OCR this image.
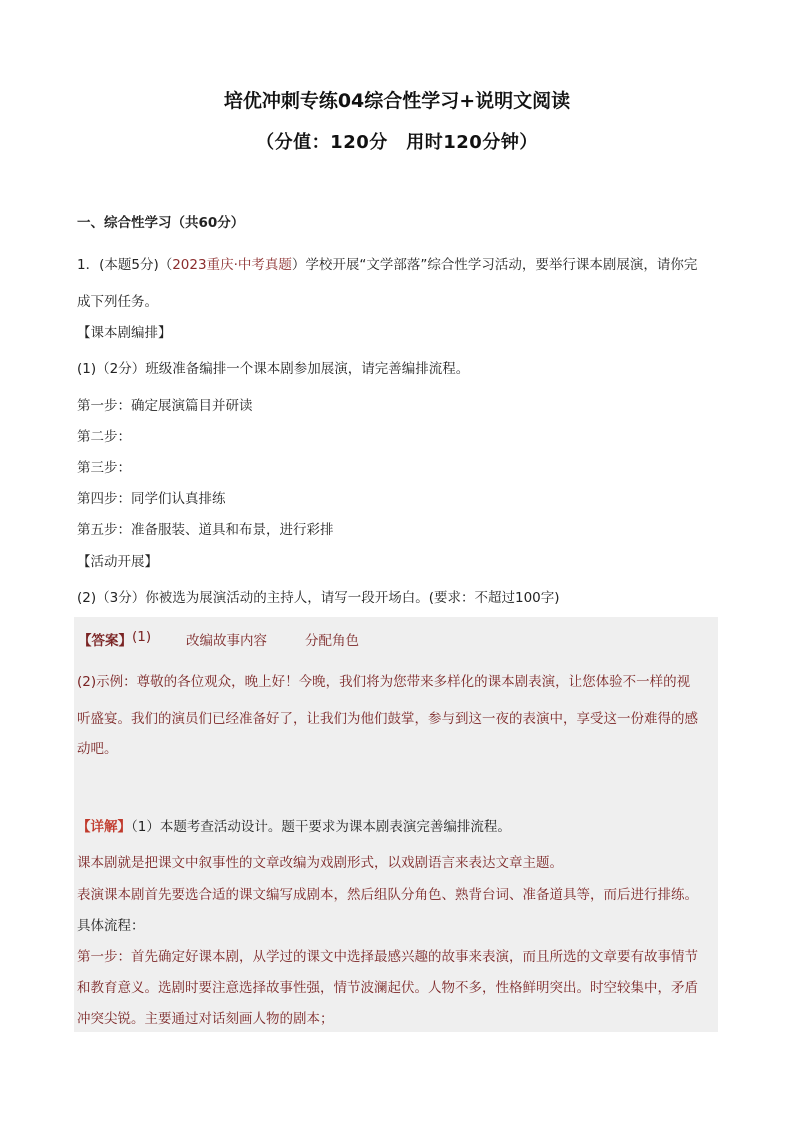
培优冲刺专练04综合性学习+说明文阅读
（分值：120分　用时120分钟）
一、综合性学习（共60分）
1．(本题5分)（2023重庆·中考真题）学校开展“文学部落”综合性学习活动，要举行课本剧展演，请你完
成下列任务。
【课本剧编排】
(1)（2分）班级准备编排一个课本剧参加展演，请完善编排流程。
第一步：确定展演篇目并研读
第二步：
第三步：
第四步：同学们认真排练
第五步：准备服装、道具和布景，进行彩排
【活动开展】
(2)（3分）你被选为展演活动的主持人，请写一段开场白。(要求：不超过100字)
【答案】 (1)	改编故事内容	分配角色
(2)示例：尊敬的各位观众，晚上好！今晚，我们将为您带来多样化的课本剧表演，让您体验不一样的视
听盛宴。我们的演员们已经准备好了，让我们为他们鼓掌，参与到这一夜的表演中，享受这一份难得的感
动吧。
【详解】（1）本题考查活动设计。题干要求为课本剧表演完善编排流程。
课本剧就是把课文中叙事性的文章改编为戏剧形式，以戏剧语言来表达文章主题。
表演课本剧首先要选合适的课文编写成剧本，然后组队分角色、熟背台词、准备道具等，而后进行排练。
具体流程：
第一步：首先确定好课本剧，从学过的课文中选择最感兴趣的故事来表演，而且所选的文章要有故事情节
和教育意义。选剧时要注意选择故事性强，情节波澜起伏。人物不多，性格鲜明突出。时空较集中，矛盾
冲突尖锐。主要通过对话刻画人物的剧本；
